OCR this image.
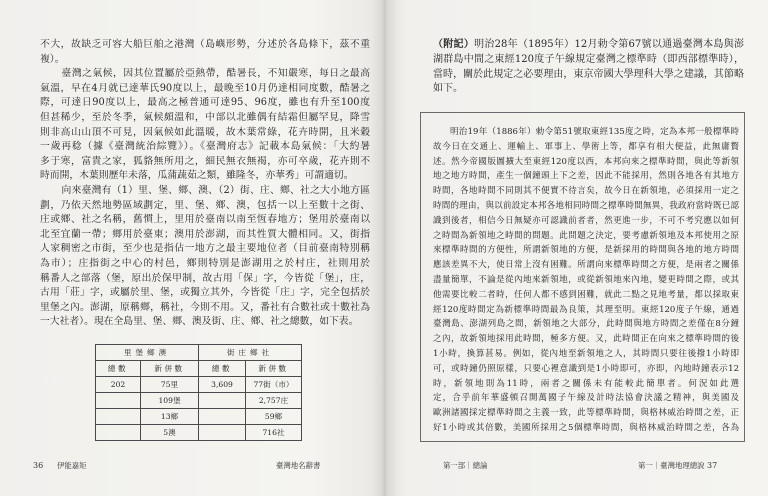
不大，故缺乏可容大船巨舶之港灣（島嶼形勢，分述於各島條下，茲不重
複）。
臺灣之氣候，因其位置屬於亞熱帶，酷暑長，不知嚴寒，每日之最高
氣溫，早在4月就已達華氏90度以上，最晚至10月仍達相同度數，酷暑之
際，可達日90度以上，最高之極普通可達95、96度，雖也有升至100度
但甚稀少，至於冬季，氣候頗溫和，中部以北雖偶有結霜但屬罕見，降雪
則非高山山頂不可見，因氣候如此溫暖，故木葉常綠，花卉時開，且米穀
一歲再稔（據《臺灣統治綜覽》）。《臺灣府志》記載本島氣候：「大約暑
多于寒，富貴之家，狐貉無所用之，細民無衣無褐，亦可卒歲，花卉則不
時而開，木葉則歷年未落，瓜蒲蔬茹之類，雖隆冬，亦華秀」可謂適切。
向來臺灣有（1）里、堡、鄉、澳、（2）街、庄、鄉、社之大小地方區
劃，乃依天然地勢區域劃定，里、堡、鄉、澳，包括一以上至數十之街、
庄或鄉、社之名稱，舊慣上，里用於臺南以南至恆春地方；堡用於臺南以
北至宜蘭一帶；鄉用於臺東；澳用於澎湖，而其性質大體相同。又，街指
人家稠密之市街，至少也是指佔一地方之最主要地位者（目前臺南特別稱
為市）；庄指街之中心的村邑，鄉則特別是澎湖用之於村庄，社則用於
稱番人之部落（堡，原出於保甲制，故古用「保」字，今皆從「堡」，庄，
古用「莊」字，或屬於里、堡，或獨立其外，今皆從「庄」字，完全包括於
里堡之內。澎湖，原稱鄉，稱社，今則不用。又，番社有合數社或十數社為
一大社者）。現在全島里、堡、鄉、澳及街、庄、鄉、社之總數，如下表。
里堡鄉澳		街庄鄉社	
總數	新併數	總數	新併數
202	75里	3,609	77街（市）
	109堡		2,757庄
	13鄉		59鄉
	5澳		716社
36 伊能嘉矩	臺灣地名辭書
（附記）明治28年（1895年）12月勅令第67號以通過臺灣本島與澎
湖群島中間之東經120度子午線規定臺灣之標準時（即西部標準時），
當時，關於此規定之必要理由，東京帝國大學理科大學之建議，其節略
如下。
明治19年（1886年）勅令第51號取東經135度之時，定為本邦一般標準時
故今日在交通上、運輸上、軍事上、學術上等，都享有相大便益，此無庸贅
述。然今帝國版圖擴大至東經120度以西，本邦向來之標準時間，與此等新領
地之地方時間，產生一個鐘頭上下之差，因此不能採用，然則各地各有其地方
時間，各地時間不同則其不便實不待言矣，故今日在新領地，必須採用一定之
時間的理由，與以前設定本邦各地相同時間之標準時間無異，我政府當時既已認
識到後者，相信今日無疑亦可認識前者者，然更進一步，不可不考究應以如何
之時間為新領地之時間的問題。此問題之決定，要考慮新領地及本邦使用之原
來標準時間的方便性，所謂新領地的方便，是新採用的時間與各地的地方時間
應該差異不大，使日常上沒有困難。所謂向來標準時間之方便，是兩者之關係
盡量簡單，不論是從內地來新領地，或從新領地來內地，變更時間之際，或其
他需要比較二者時，任何人都不感到困難，就此二點之見地考量，都以採取東
經120度時間定為新標準時間最為良策，其理至明。東經120度子午線，通過
臺灣島、澎湖列島之間，新領地之大部分，此時間與地方時間之差僅在8分鐘
之內，故新領地採用此時間，極多方便。又，此時間正在向來之標準時間的後
1小時，換算甚易。例如，從內地至新領地之人，其時間只要往後撥1小時即
可，或時鐘仍照原樣，只要心裡意識到是1小時即可，亦即，內地時鐘表示12
時，新領地則為11時，兩者之關係未有能較此簡單者。何況如此選
定，合乎前年華盛頓召開萬國子午線及計時法協會決議之精神，與美國及
歐洲諸國採定標準時間之主義一致，此等標準時間，與格林威治時間之差，正
好1小時或其倍數，美國所採用之5個標準時間，與格林威治時間之差，各為
第一部｜總論	第一｜臺灣地理總說 37
